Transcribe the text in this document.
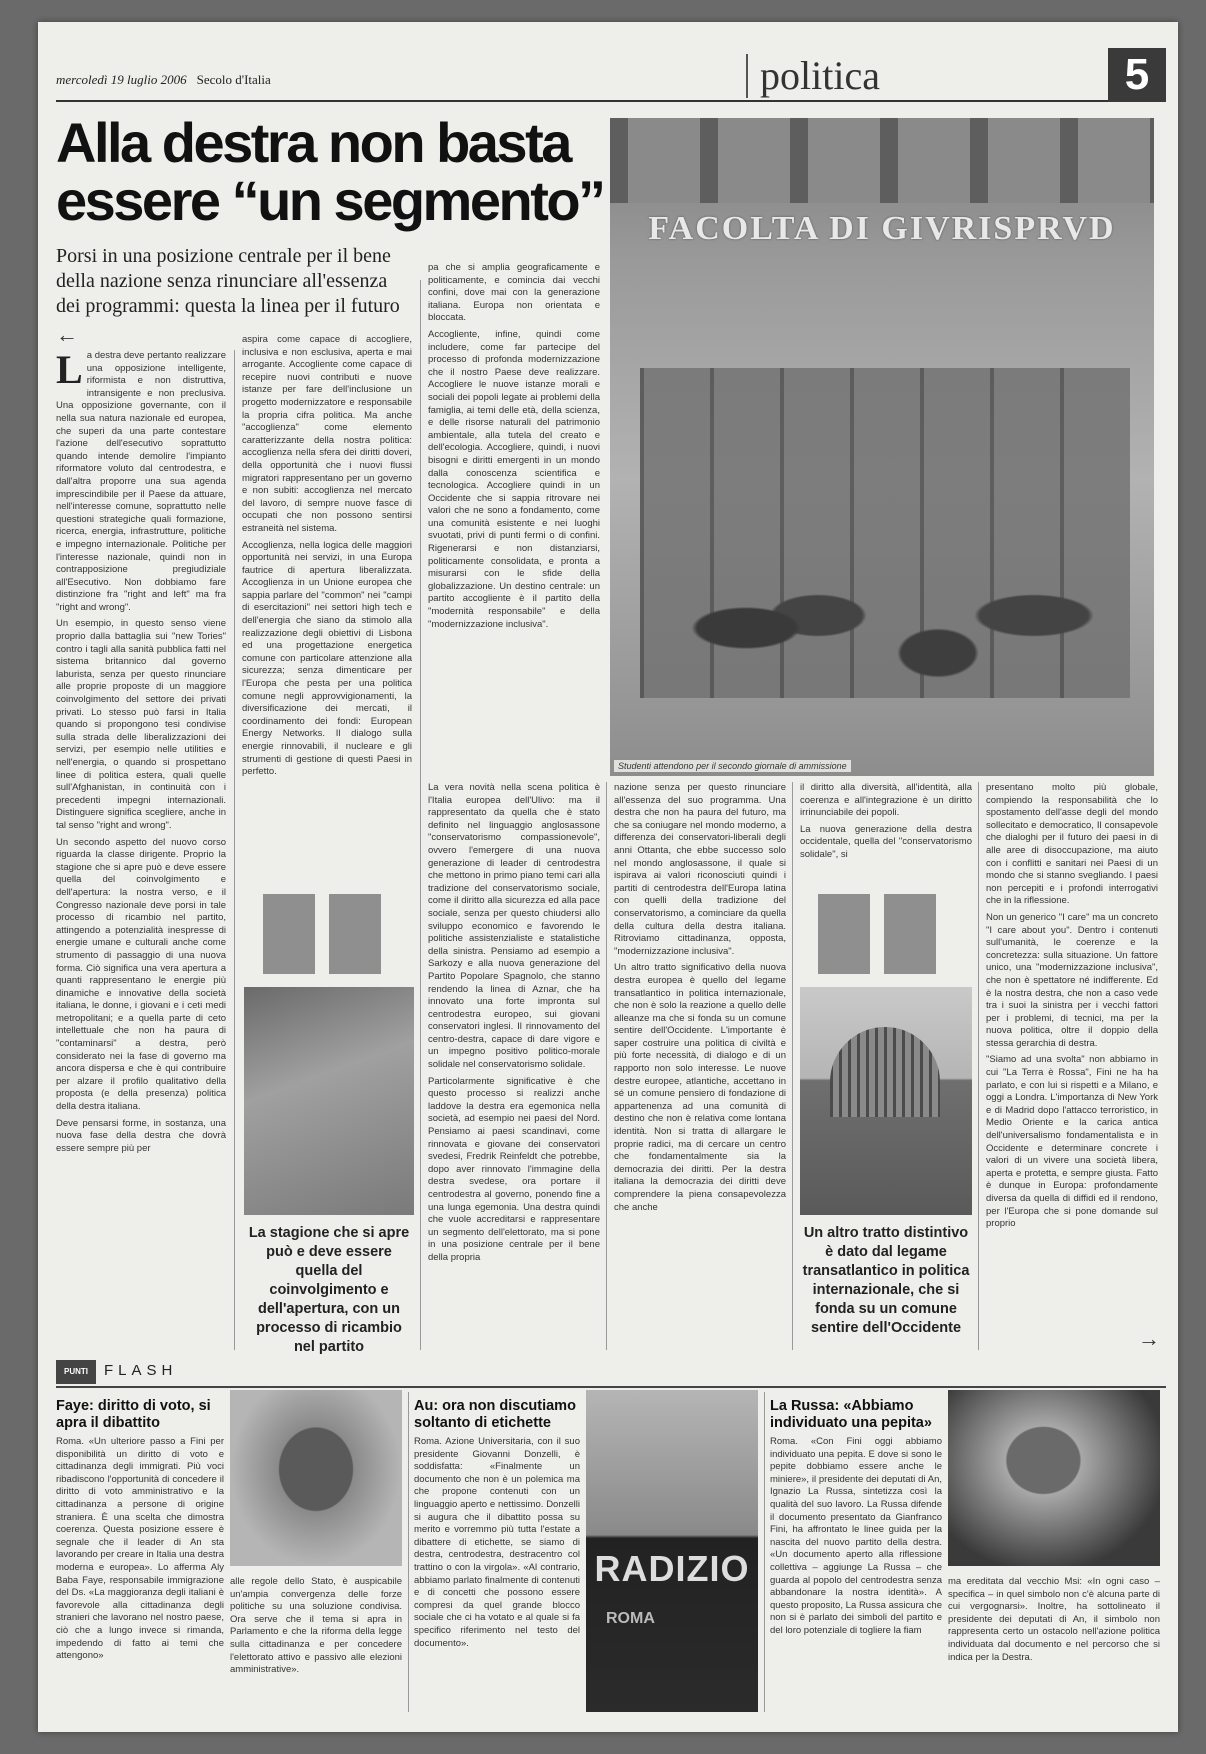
mercoledì 19 luglio 2006 Secolo d'Italia	politica	5
Alla destra non basta essere “un segmento”

Porsi in una posizione centrale per il bene della nazione senza rinunciare all'essenza dei programmi: questa la linea per il futuro

←

La destra deve pertanto realizzare una opposizione intelligente, riformista e non distruttiva, intransigente e non preclusiva. Una opposizione governante, con il nella sua natura nazionale ed europea, che superi da una parte contestare l'azione dell'esecutivo soprattutto quando intende demolire l'impianto riformatore voluto dal centrodestra, e dall'altra proporre una sua agenda imprescindibile per il Paese da attuare, nell'interesse comune, soprattutto nelle questioni strategiche quali formazione, ricerca, energia, infrastrutture, politiche e impegno internazionale. Politiche per l'interesse nazionale, quindi non in contrapposizione pregiudiziale all'Esecutivo. Non dobbiamo fare distinzione fra "right and left" ma fra "right and wrong".

Un esempio, in questo senso viene proprio dalla battaglia sui "new Tories" contro i tagli alla sanità pubblica fatti nel sistema britannico dal governo laburista, senza per questo rinunciare alle proprie proposte di un maggiore coinvolgimento del settore dei privati privati. Lo stesso può farsi in Italia quando si propongono tesi condivise sulla strada delle liberalizzazioni dei servizi, per esempio nelle utilities e nell'energia, o quando si prospettano linee di politica estera, quali quelle sull'Afghanistan, in continuità con i precedenti impegni internazionali. Distinguere significa scegliere, anche in tal senso "right and wrong".

Un secondo aspetto del nuovo corso riguarda la classe dirigente. Proprio la stagione che si apre può e deve essere quella del coinvolgimento e dell'apertura: la nostra verso, e il Congresso nazionale deve porsi in tale processo di ricambio nel partito, attingendo a potenzialità inespresse di energie umane e culturali anche come strumento di passaggio di una nuova forma. Ciò significa una vera apertura a quanti rappresentano le energie più dinamiche e innovative della società italiana, le donne, i giovani e i ceti medi metropolitani; e a quella parte di ceto intellettuale che non ha paura di "contaminarsi" a destra, però considerato nei la fase di governo ma ancora dispersa e che è qui contribuire per alzare il profilo qualitativo della proposta (e della presenza) politica della destra italiana.

Deve pensarsi forme, in sostanza, una nuova fase della destra che dovrà essere sempre più per

aspira come capace di accogliere, inclusiva e non esclusiva, aperta e mai arrogante. Accogliente come capace di recepire nuovi contributi e nuove istanze per fare dell'inclusione un progetto modernizzatore e responsabile la propria cifra politica. Ma anche "accoglienza" come elemento caratterizzante della nostra politica: accoglienza nella sfera dei diritti doveri, della opportunità che i nuovi flussi migratori rappresentano per un governo e non subiti: accoglienza nel mercato del lavoro, di sempre nuove fasce di occupati che non possono sentirsi estraneità nel sistema.

Accoglienza, nella logica delle maggiori opportunità nei servizi, in una Europa fautrice di apertura liberalizzata. Accoglienza in un Unione europea che sappia parlare del "common" nei "campi di esercitazioni" nei settori high tech e dell'energia che siano da stimolo alla realizzazione degli obiettivi di Lisbona ed una progettazione energetica comune con particolare attenzione alla sicurezza; senza dimenticare per l'Europa che pesta per una politica comune negli approvvigionamenti, la diversificazione dei mercati, il coordinamento dei fondi: European Energy Networks. Il dialogo sulla energie rinnovabili, il nucleare e gli strumenti di gestione di questi Paesi in perfetto.

La stagione che si apre può e deve essere quella del coinvolgimento e dell'apertura, con un processo di ricambio nel partito

pa che si amplia geograficamente e politicamente, e comincia dai vecchi confini, dove mai con la generazione italiana. Europa non orientata e bloccata.

Accogliente, infine, quindi come includere, come far partecipe del processo di profonda modernizzazione che il nostro Paese deve realizzare. Accogliere le nuove istanze morali e sociali dei popoli legate ai problemi della famiglia, ai temi delle età, della scienza, e delle risorse naturali del patrimonio ambientale, alla tutela del creato e dell'ecologia. Accogliere, quindi, i nuovi bisogni e diritti emergenti in un mondo dalla conoscenza scientifica e tecnologica. Accogliere quindi in un Occidente che si sappia ritrovare nei valori che ne sono a fondamento, come una comunità esistente e nei luoghi svuotati, privi di punti fermi o di confini. Rigenerarsi e non distanziarsi, politicamente consolidata, e pronta a misurarsi con le sfide della globalizzazione. Un destino centrale: un partito accogliente è il partito della "modernità responsabile" e della "modernizzazione inclusiva".

La vera novità nella scena politica è l'Italia europea dell'Ulivo: ma il rappresentato da quella che è stato definito nel linguaggio anglosassone "conservatorismo compassionevole", ovvero l'emergere di una nuova generazione di leader di centrodestra che mettono in primo piano temi cari alla tradizione del conservatorismo sociale, come il diritto alla sicurezza ed alla pace sociale, senza per questo chiudersi allo sviluppo economico e favorendo le politiche assistenzialiste e statalistiche della sinistra. Pensiamo ad esempio a Sarkozy e alla nuova generazione del Partito Popolare Spagnolo, che stanno rendendo la linea di Aznar, che ha innovato una forte impronta sul centrodestra europeo, sui giovani conservatori inglesi. Il rinnovamento del centro-destra, capace di dare vigore e un impegno positivo politico-morale solidale nel conservatorismo solidale.

Particolarmente significative è che questo processo si realizzi anche laddove la destra era egemonica nella società, ad esempio nei paesi del Nord. Pensiamo ai paesi scandinavi, come rinnovata e giovane dei conservatori svedesi, Fredrik Reinfeldt che potrebbe, dopo aver rinnovato l'immagine della destra svedese, ora portare il centrodestra al governo, ponendo fine a una lunga egemonia. Una destra quindi che vuole accreditarsi e rappresentare un segmento dell'elettorato, ma si pone in una posizione centrale per il bene della propria

FACOLTA DI GIVRISPRVD
Studenti attendono per il secondo giornale di ammissione

nazione senza per questo rinunciare all'essenza del suo programma. Una destra che non ha paura del futuro, ma che sa coniugare nel mondo moderno, a differenza dei conservatori-liberali degli anni Ottanta, che ebbe successo solo nel mondo anglosassone, il quale si ispirava ai valori riconosciuti quindi i partiti di centrodestra dell'Europa latina con quelli della tradizione del conservatorismo, a cominciare da quella della cultura della destra italiana. Ritroviamo cittadinanza, opposta, "modernizzazione inclusiva".

Un altro tratto significativo della nuova destra europea è quello del legame transatlantico in politica internazionale, che non è solo la reazione a quello delle alleanze ma che si fonda su un comune sentire dell'Occidente. L'importante è saper costruire una politica di civiltà e più forte necessità, di dialogo e di un rapporto non solo interesse. Le nuove destre europee, atlantiche, accettano in sé un comune pensiero di fondazione di appartenenza ad una comunità di destino che non è relativa come lontana identità. Non si tratta di allargare le proprie radici, ma di cercare un centro che fondamentalmente sia la democrazia dei diritti. Per la destra italiana la democrazia dei diritti deve comprendere la piena consapevolezza che anche

il diritto alla diversità, all'identità, alla coerenza e all'integrazione è un diritto irrinunciabile dei popoli.

La nuova generazione della destra occidentale, quella del "conservatorismo solidale", si

Un altro tratto distintivo è dato dal legame transatlantico in politica internazionale, che si fonda su un comune sentire dell'Occidente

presentano molto più globale, compiendo la responsabilità che lo spostamento dell'asse degli del mondo sollecitato e democratico, Il consapevole che dialoghi per il futuro dei paesi in di alle aree di disoccupazione, ma aiuto con i conflitti e sanitari nei Paesi di un mondo che si stanno svegliando. I paesi non percepiti e i profondi interrogativi che in la riflessione.

Non un generico "I care" ma un concreto "I care about you". Dentro i contenuti sull'umanità, le coerenze e la concretezza: sulla situazione. Un fattore unico, una "modernizzazione inclusiva", che non è spettatore né indifferente. Ed è la nostra destra, che non a caso vede tra i suoi la sinistra per i vecchi fattori per i problemi, di tecnici, ma per la nuova politica, oltre il doppio della stessa gerarchia di destra.

"Siamo ad una svolta" non abbiamo in cui "La Terra è Rossa", Fini ne ha ha parlato, e con lui si rispetti e a Milano, e oggi a Londra. L'importanza di New York e di Madrid dopo l'attacco terroristico, in Medio Oriente e la carica antica dell'universalismo fondamentalista e in Occidente e determinare concrete i valori di un vivere una società libera, aperta e protetta, e sempre giusta. Fatto è dunque in Europa: profondamente diversa da quella di diffidi ed il rendono, per l'Europa che si pone domande sul proprio

→
PUNTI	FLASH
Faye: diritto di voto, si apra il dibattito
Roma. «Un ulteriore passo a Fini per disponibilità un diritto di voto e cittadinanza degli immigrati. Più voci ribadiscono l'opportunità di concedere il diritto di voto amministrativo e la cittadinanza a persone di origine straniera. È una scelta che dimostra coerenza. Questa posizione essere è segnale che il leader di An sta lavorando per creare in Italia una destra moderna e europea». Lo afferma Aly Baba Faye, responsabile immigrazione del Ds. «La maggioranza degli italiani è favorevole alla cittadinanza degli stranieri che lavorano nel nostro paese, ciò che a lungo invece si rimanda, impedendo di fatto ai temi che attengono»
alle regole dello Stato, è auspicabile un'ampia convergenza delle forze politiche su una soluzione condivisa. Ora serve che il tema si apra in Parlamento e che la riforma della legge sulla cittadinanza e per concedere l'elettorato attivo e passivo alle elezioni amministrative».
Au: ora non discutiamo soltanto di etichette
Roma. Azione Universitaria, con il suo presidente Giovanni Donzelli, è soddisfatta: «Finalmente un documento che non è un polemica ma che propone contenuti con un linguaggio aperto e nettissimo. Donzelli si augura che il dibattito possa su merito e vorremmo più tutta l'estate a dibattere di etichette, se siamo di destra, centrodestra, destracentro col trattino o con la virgola». «Al contrario, abbiamo parlato finalmente di contenuti e di concetti che possono essere compresi da quel grande blocco sociale che ci ha votato e al quale si fa specifico riferimento nel testo del documento».
RADIZIO
ROMA
La Russa: «Abbiamo individuato una pepita»
Roma. «Con Fini oggi abbiamo individuato una pepita. E dove si sono le pepite dobbiamo essere anche le miniere», il presidente dei deputati di An, Ignazio La Russa, sintetizza così la qualità del suo lavoro. La Russa difende il documento presentato da Gianfranco Fini, ha affrontato le linee guida per la nascita del nuovo partito della destra. «Un documento aperto alla riflessione collettiva – aggiunge La Russa – che guarda al popolo del centrodestra senza abbandonare la nostra identità». A questo proposito, La Russa assicura che non si è parlato dei simboli del partito e del loro potenziale di togliere la fiam
ma ereditata dal vecchio Msi: «In ogni caso – specifica – in quel simbolo non c'è alcuna parte di cui vergognarsi». Inoltre, ha sottolineato il presidente dei deputati di An, il simbolo non rappresenta certo un ostacolo nell'azione politica individuata dal documento e nel percorso che si indica per la Destra.
